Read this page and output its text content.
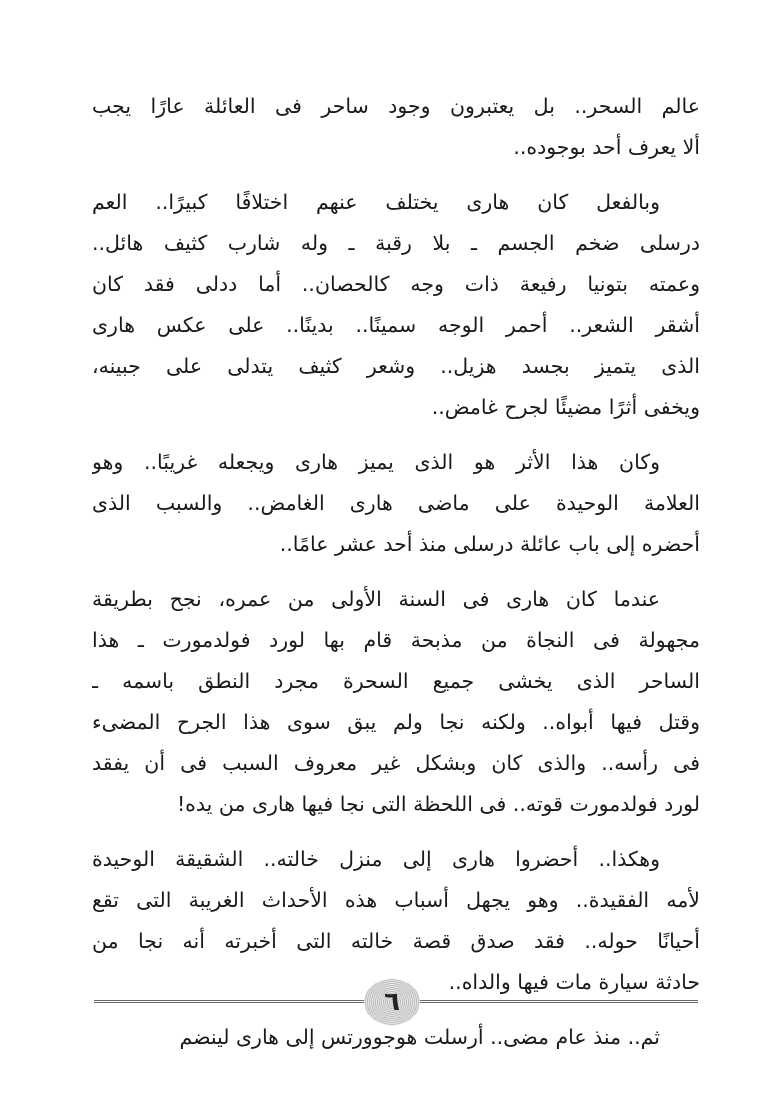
عالم السحر.. بل يعتبرون وجود ساحر فى العائلة عارًا يجب
ألا يعرف أحد بوجوده..
وبالفعل كان هارى يختلف عنهم اختلافًا كبيرًا.. العم
درسلى ضخم الجسم ـ بلا رقبة ـ وله شارب كثيف هائل..
وعمته بتونيا رفيعة ذات وجه كالحصان.. أما ددلى فقد كان
أشقر الشعر.. أحمر الوجه سمينًا.. بدينًا.. على عكس هارى
الذى يتميز بجسد هزيل.. وشعر كثيف يتدلى على جبينه،
ويخفى أثرًا مضيئًا لجرح غامض..
وكان هذا الأثر هو الذى يميز هارى ويجعله غريبًا.. وهو
العلامة الوحيدة على ماضى هارى الغامض.. والسبب الذى
أحضره إلى باب عائلة درسلى منذ أحد عشر عامًا..
عندما كان هارى فى السنة الأولى من عمره، نجح بطريقة
مجهولة فى النجاة من مذبحة قام بها لورد فولدمورت ـ هذا
الساحر الذى يخشى جميع السحرة مجرد النطق باسمه ـ
وقتل فيها أبواه.. ولكنه نجا ولم يبق سوى هذا الجرح المضىء
فى رأسه.. والذى كان وبشكل غير معروف السبب فى أن يفقد
لورد فولدمورت قوته.. فى اللحظة التى نجا فيها هارى من يده!
وهكذا.. أحضروا هارى إلى منزل خالته.. الشقيقة الوحيدة
لأمه الفقيدة.. وهو يجهل أسباب هذه الأحداث الغريبة التى تقع
أحيانًا حوله.. فقد صدق قصة خالته التى أخبرته أنه نجا من
حادثة سيارة مات فيها والداه..
ثم.. منذ عام مضى.. أرسلت هوجوورتس إلى هارى لينضم
٦
